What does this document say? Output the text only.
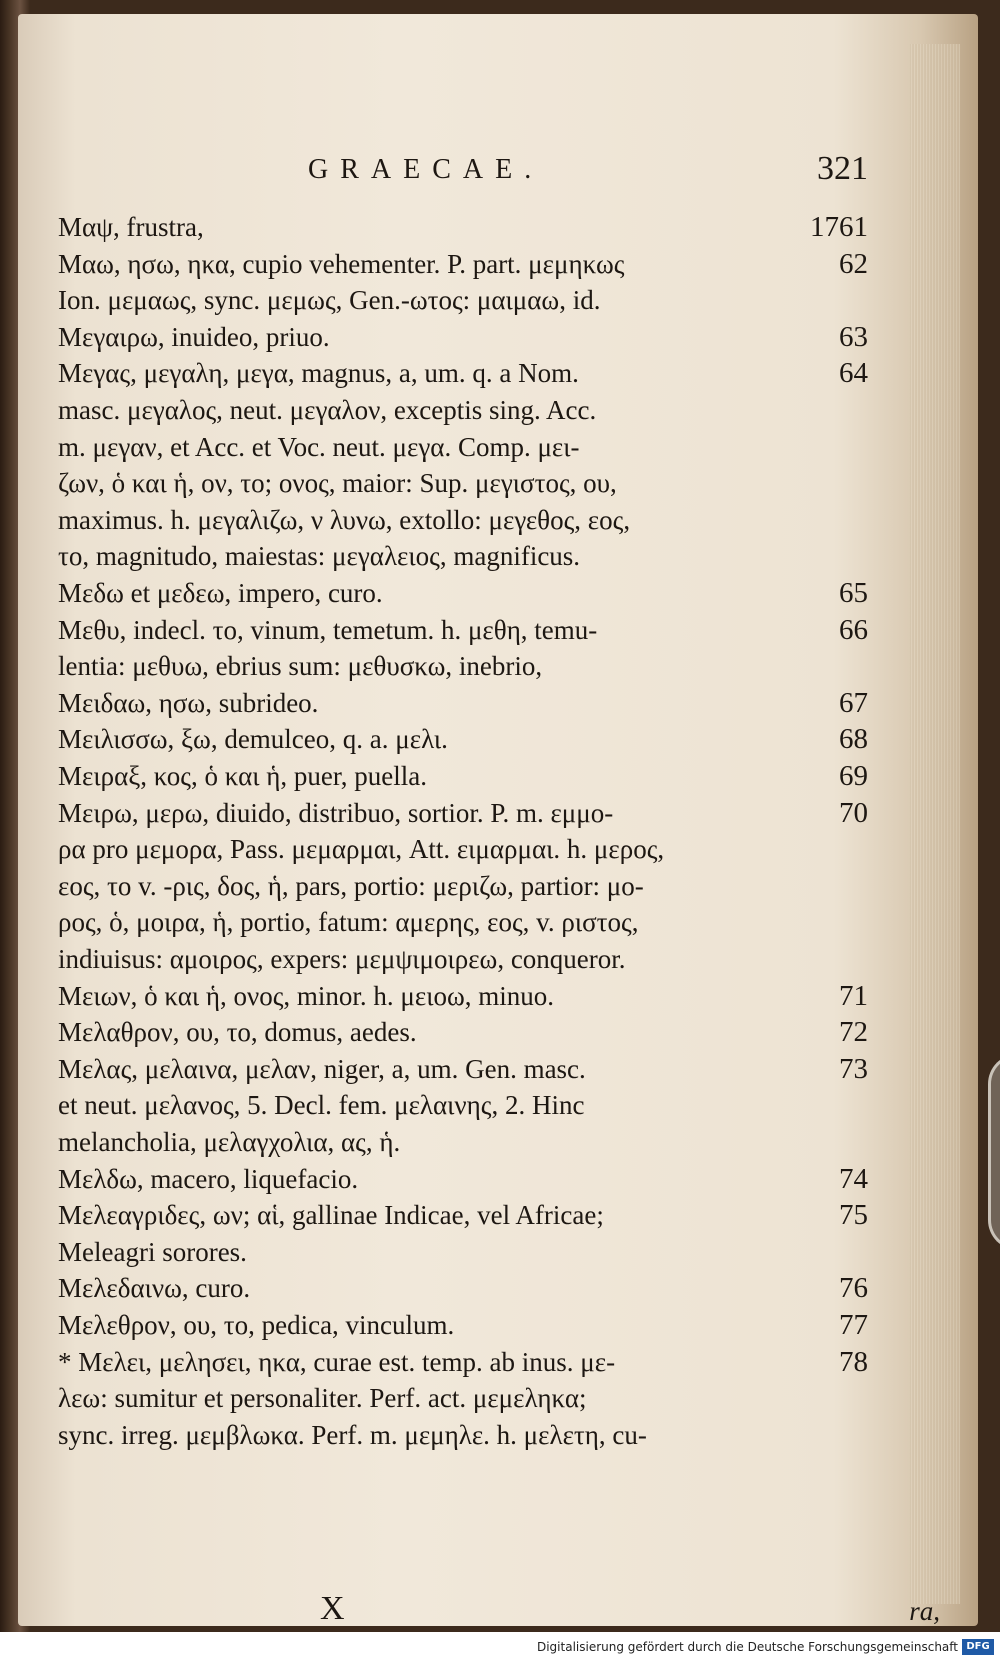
GRAECAE.	321
Μαψ, frustra,	1761
Μαω, ησω, ηκα, cupio vehementer. P. part. μεμηκως	62
Ion. μεμαως, sync. μεμως, Gen.-ωτος: μαιμαω, id.
Μεγαιρω, inuideo, priuo.	63
Μεγας, μεγαλη, μεγα, magnus, a, um. q. a Nom.	64
masc. μεγαλος, neut. μεγαλον, exceptis sing. Acc.
m. μεγαν, et Acc. et Voc. neut. μεγα. Comp. μει-
ζων, ὁ και ἡ, ον, το; ονος, maior: Sup. μεγιστος, ου,
maximus. h. μεγαλιζω, ν λυνω, extollo: μεγεθος, εος,
το, magnitudo, maiestas: μεγαλειος, magnificus.
Μεδω et μεδεω, impero, curo.	65
Μεθυ, indecl. το, vinum, temetum. h. μεθη, temu-	66
lentia: μεθυω, ebrius sum: μεθυσκω, inebrio,
Μειδαω, ησω, subrideo.	67
Μειλισσω, ξω, demulceo, q. a. μελι.	68
Μειραξ, κος, ὁ και ἡ, puer, puella.	69
Μειρω, μερω, diuido, distribuo, sortior. P. m. εμμο-	70
ρα pro μεμορα, Pass. μεμαρμαι, Att. ειμαρμαι. h. μερος,
εος, το v. -ρις, δος, ἡ, pars, portio: μεριζω, partior: μο-
ρος, ὁ, μοιρα, ἡ, portio, fatum: αμερης, εος, v. ριστος,
indiuisus: αμοιρος, expers: μεμψιμοιρεω, conqueror.
Μειων, ὁ και ἡ, ονος, minor. h. μειοω, minuo.	71
Μελαθρον, ου, το, domus, aedes.	72
Μελας, μελαινα, μελαν, niger, a, um. Gen. masc.	73
et neut. μελανος, 5. Decl. fem. μελαινης, 2. Hinc
melancholia, μελαγχολια, ας, ἡ.
Μελδω, macero, liquefacio.	74
Μελεαγριδες, ων; αἱ, gallinae Indicae, vel Africae;	75
Meleagri sorores.
Μελεδαινω, curo.	76
Μελεθρον, ου, το, pedica, vinculum.	77
* Μελει, μελησει, ηκα, curae est. temp. ab inus. με-	78
λεω: sumitur et personaliter. Perf. act. μεμεληκα;
sync. irreg. μεμβλωκα. Perf. m. μεμηλε. h. μελετη, cu-
X	ra,
Digitalisierung gefördert durch die Deutsche Forschungsgemeinschaft DFG
